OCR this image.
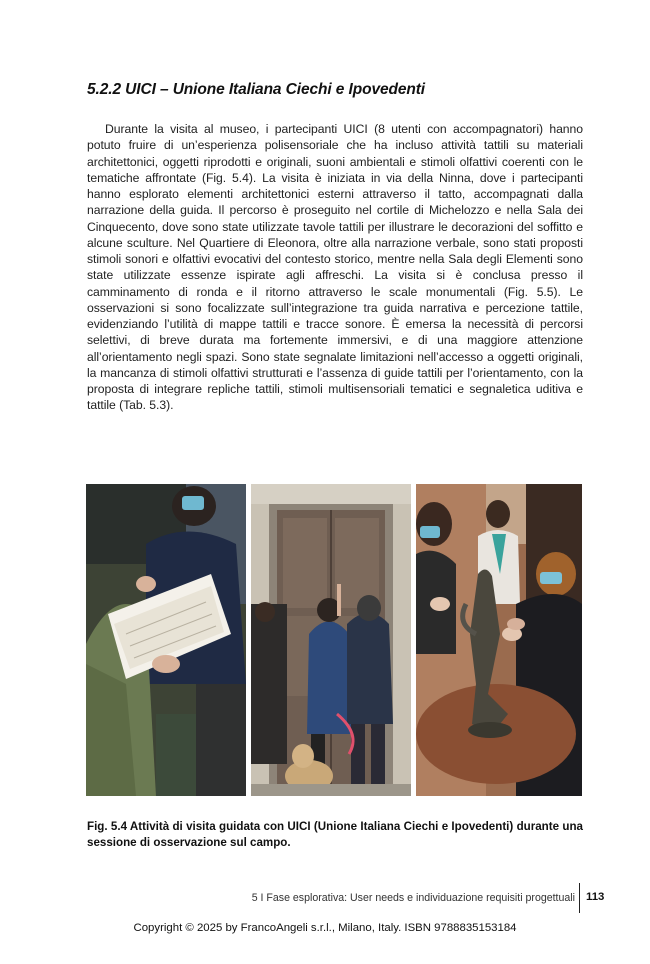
5.2.2 UICI – Unione Italiana Ciechi e Ipovedenti

Durante la visita al museo, i partecipanti UICI (8 utenti con accompagnatori) hanno potuto fruire di un’esperienza polisensoriale che ha incluso attività tattili su materiali architettonici, oggetti riprodotti e originali, suoni ambientali e stimoli olfattivi coerenti con le tematiche affrontate (Fig. 5.4). La visita è iniziata in via della Ninna, dove i partecipanti hanno esplorato elementi architettonici esterni attraverso il tatto, accompagnati dalla narrazione della guida. Il percorso è proseguito nel cortile di Michelozzo e nella Sala dei Cinquecento, dove sono state utilizzate tavole tattili per illustrare le decorazioni del soffitto e alcune sculture. Nel Quartiere di Eleonora, oltre alla narrazione verbale, sono stati proposti stimoli sonori e olfattivi evocativi del contesto storico, mentre nella Sala degli Elementi sono state utilizzate essenze ispirate agli affreschi. La visita si è conclusa presso il camminamento di ronda e il ritorno attraverso le scale monumentali (Fig. 5.5). Le osservazioni si sono focalizzate sull’integrazione tra guida narrativa e percezione tattile, evidenziando l’utilità di mappe tattili e tracce sonore. È emersa la necessità di percorsi selettivi, di breve durata ma fortemente immersivi, e di una maggiore attenzione all’orientamento negli spazi. Sono state segnalate limitazioni nell’accesso a oggetti originali, la mancanza di stimoli olfattivi strutturati e l’assenza di guide tattili per l’orientamento, con la proposta di integrare repliche tattili, stimoli multisensoriali tematici e segnaletica uditiva e tattile (Tab. 5.3).

Fig. 5.4 Attività di visita guidata con UICI (Unione Italiana Ciechi e Ipovedenti) durante una sessione di osservazione sul campo.

5 I Fase esplorativa: User needs e individuazione requisiti progettuali 113

Copyright © 2025 by FrancoAngeli s.r.l., Milano, Italy. ISBN 9788835153184
